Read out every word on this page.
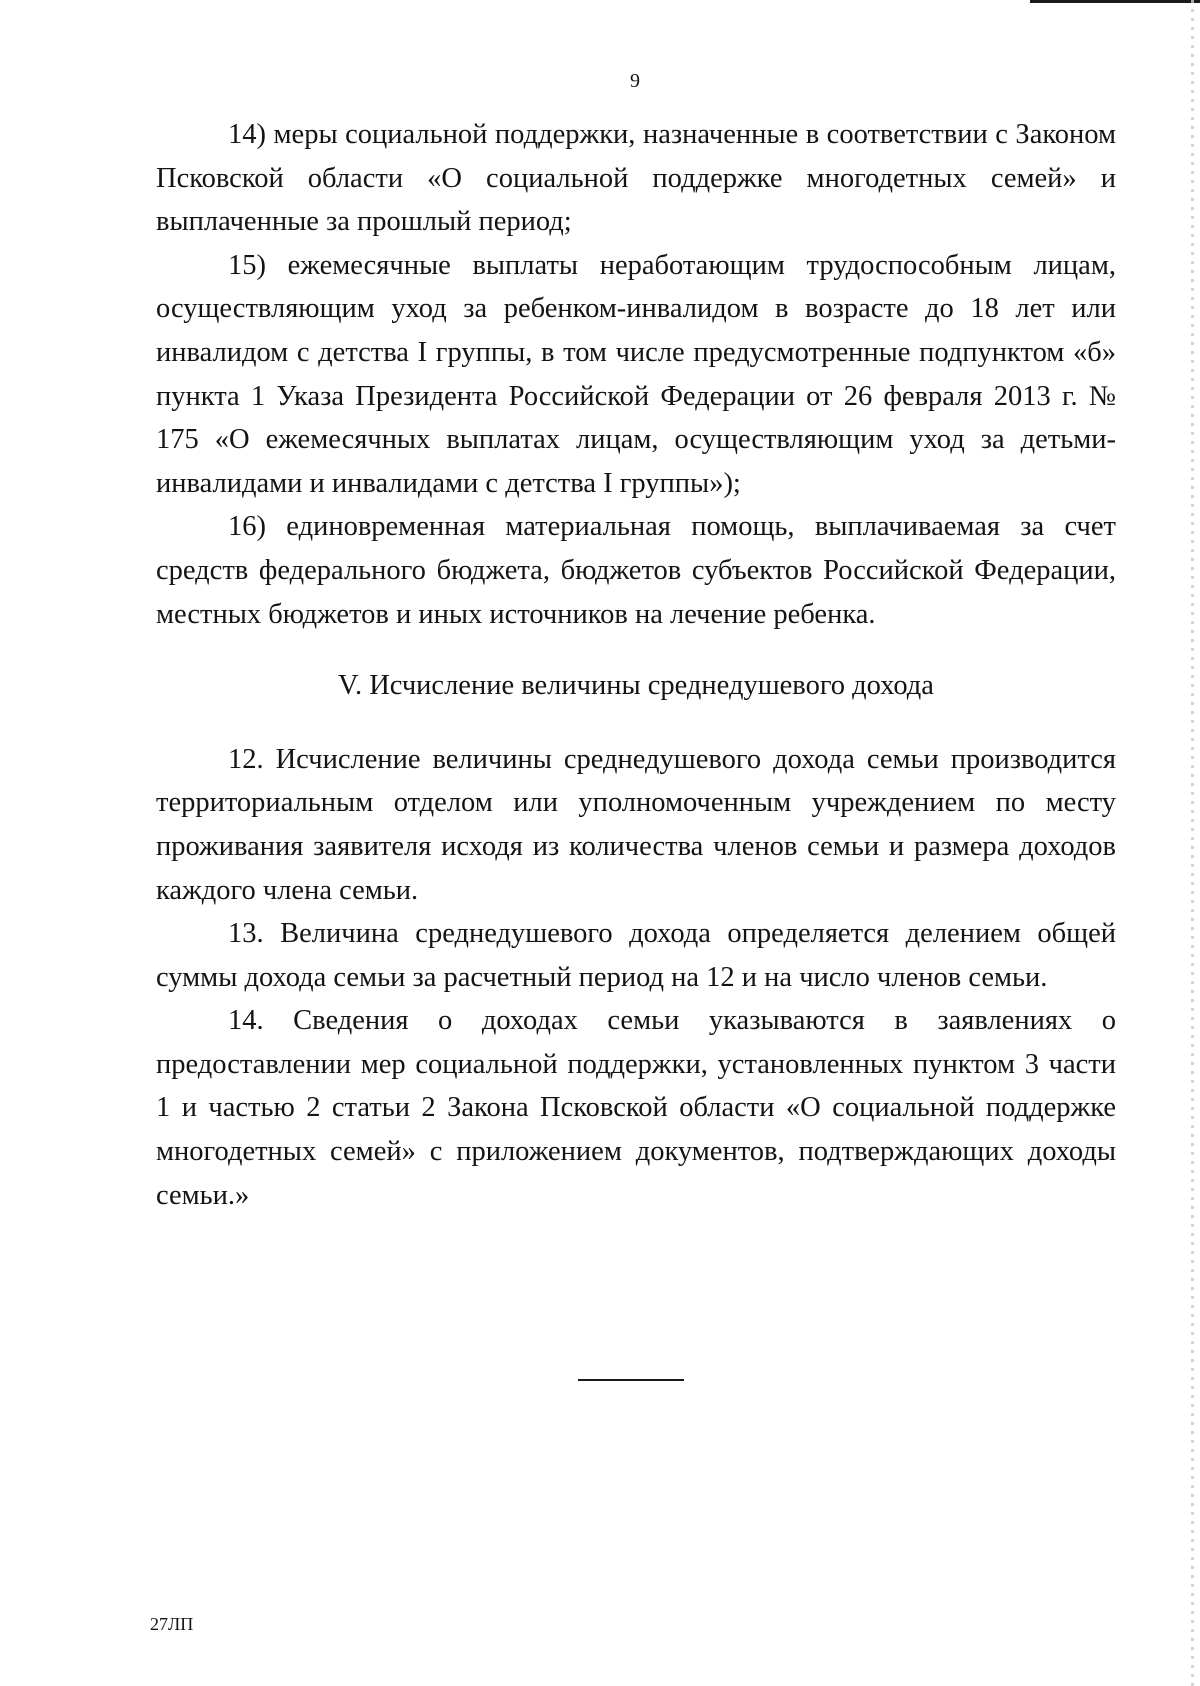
9

14) меры социальной поддержки, назначенные в соответствии с Законом Псковской области «О социальной поддержке многодетных семей» и выплаченные за прошлый период;

15) ежемесячные выплаты неработающим трудоспособным лицам, осуществляющим уход за ребенком-инвалидом в возрасте до 18 лет или инвалидом с детства I группы, в том числе предусмотренные подпунктом «б» пункта 1 Указа Президента Российской Федерации от 26 февраля 2013 г. № 175 «О ежемесячных выплатах лицам, осуществляющим уход за детьми-инвалидами и инвалидами с детства I группы»);

16) единовременная материальная помощь, выплачиваемая за счет средств федерального бюджета, бюджетов субъектов Российской Федерации, местных бюджетов и иных источников на лечение ребенка.

V. Исчисление величины среднедушевого дохода

12. Исчисление величины среднедушевого дохода семьи производится территориальным отделом или уполномоченным учреждением по месту проживания заявителя исходя из количества членов семьи и размера доходов каждого члена семьи.

13. Величина среднедушевого дохода определяется делением общей суммы дохода семьи за расчетный период на 12 и на число членов семьи.

14. Сведения о доходах семьи указываются в заявлениях о предоставлении мер социальной поддержки, установленных пунктом 3 части 1 и частью 2 статьи 2 Закона Псковской области «О социальной поддержке многодетных семей» с приложением документов, подтверждающих доходы семьи.»

27ЛП
